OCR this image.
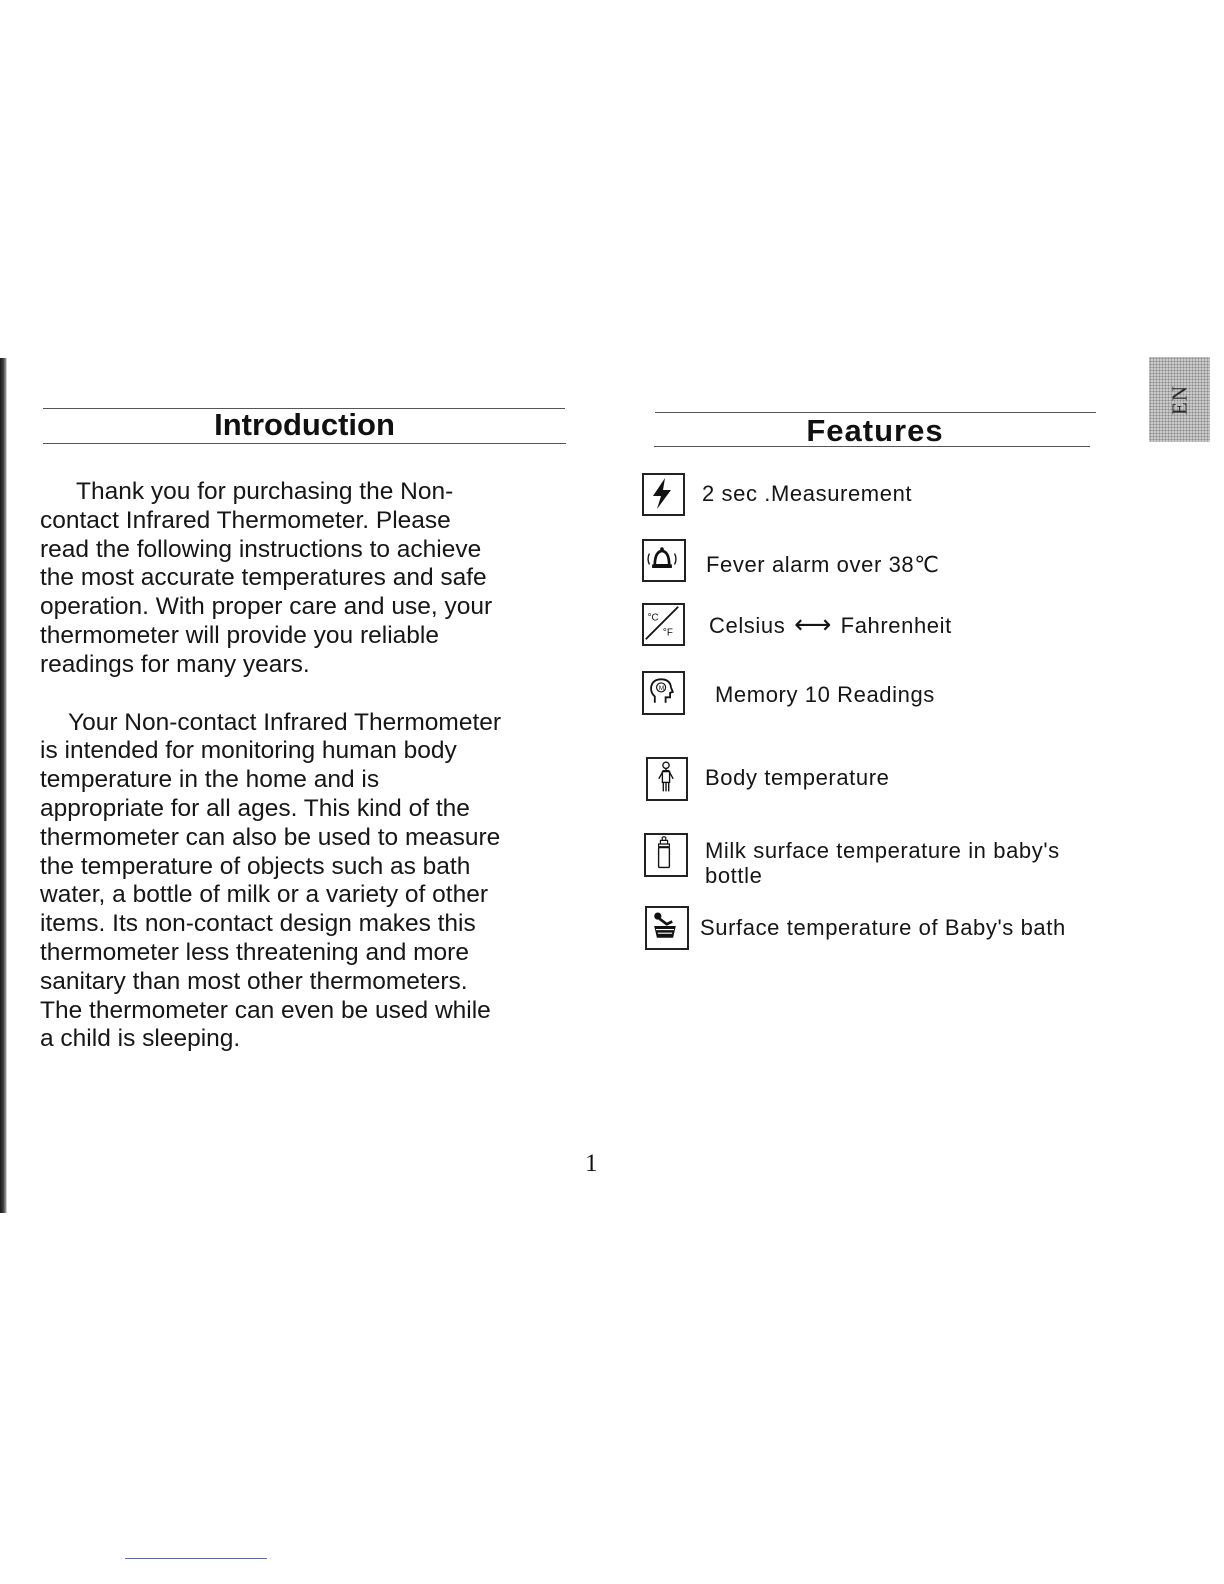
EN
Introduction

Thank you for purchasing the Non-
contact Infrared Thermometer. Please
read the following instructions to achieve
the most accurate temperatures and safe
operation. With proper care and use, your
thermometer will provide you reliable
readings for many years.

Your Non-contact Infrared Thermometer
is intended for monitoring human body
temperature in the home and is
appropriate for all ages. This kind of the
thermometer can also be used to measure
the temperature of objects such as bath
water, a bottle of milk or a variety of other
items. Its non-contact design makes this
thermometer less threatening and more
sanitary than most other thermometers.
The thermometer can even be used while
a child is sleeping.

Features
2 sec .Measurement
Fever alarm over 38℃
°C
°F Celsius ⟷ Fahrenheit
M Memory 10 Readings
Body temperature
Milk surface temperature in baby's
bottle
Surface temperature of Baby's bath
1
